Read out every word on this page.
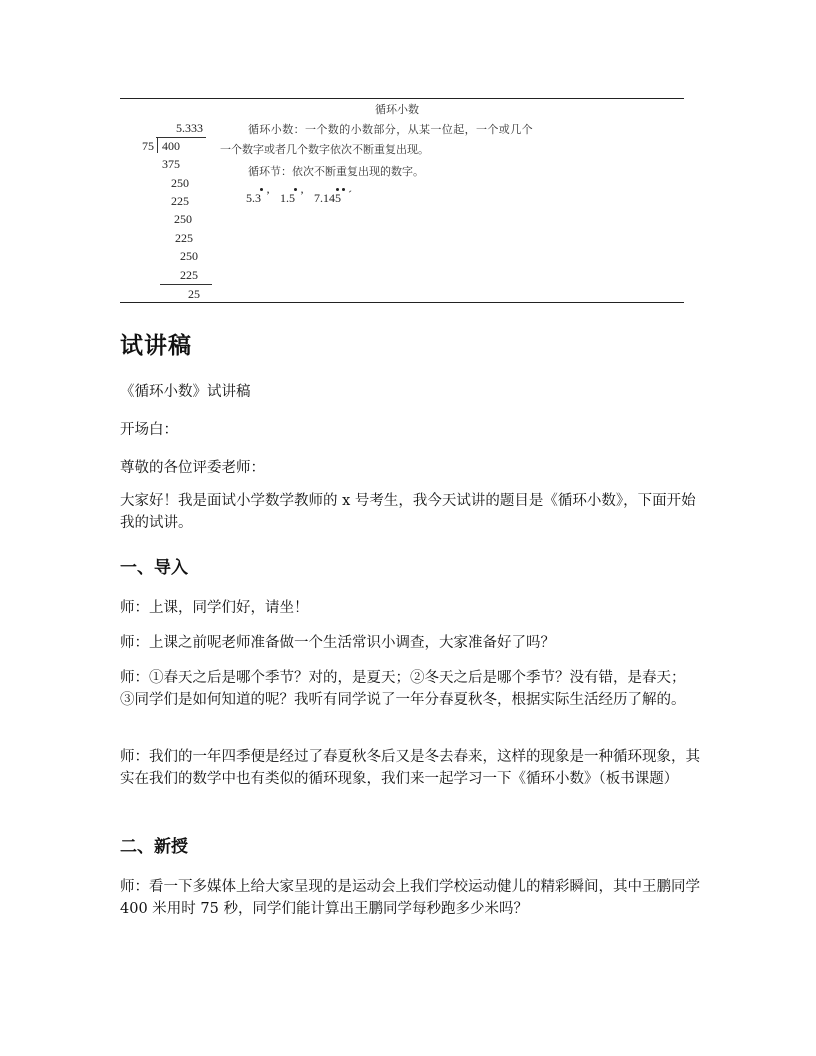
循环小数
5.333
75 400
375
250
225
250
225
250
225
25
循环小数：一个数的小数部分，从某一位起，一个或几个
一个数字或者几个数字依次不断重复出现。
循环节：依次不断重复出现的数字。
5.3 ’ 1.5 ’ 7.145 ´
试讲稿

《循环小数》试讲稿

开场白：

尊敬的各位评委老师：

大家好！我是面试小学数学教师的 x 号考生，我今天试讲的题目是《循环小数》，下面开始我的试讲。

一、导入

师：上课，同学们好，请坐！

师：上课之前呢老师准备做一个生活常识小调查，大家准备好了吗？

师：①春天之后是哪个季节？对的，是夏天；②冬天之后是哪个季节？没有错，是春天；③同学们是如何知道的呢？我听有同学说了一年分春夏秋冬，根据实际生活经历了解的。

师：我们的一年四季便是经过了春夏秋冬后又是冬去春来，这样的现象是一种循环现象，其实在我们的数学中也有类似的循环现象，我们来一起学习一下《循环小数》（板书课题）

二、新授

师：看一下多媒体上给大家呈现的是运动会上我们学校运动健儿的精彩瞬间，其中王鹏同学 400 米用时 75 秒，同学们能计算出王鹏同学每秒跑多少米吗？
